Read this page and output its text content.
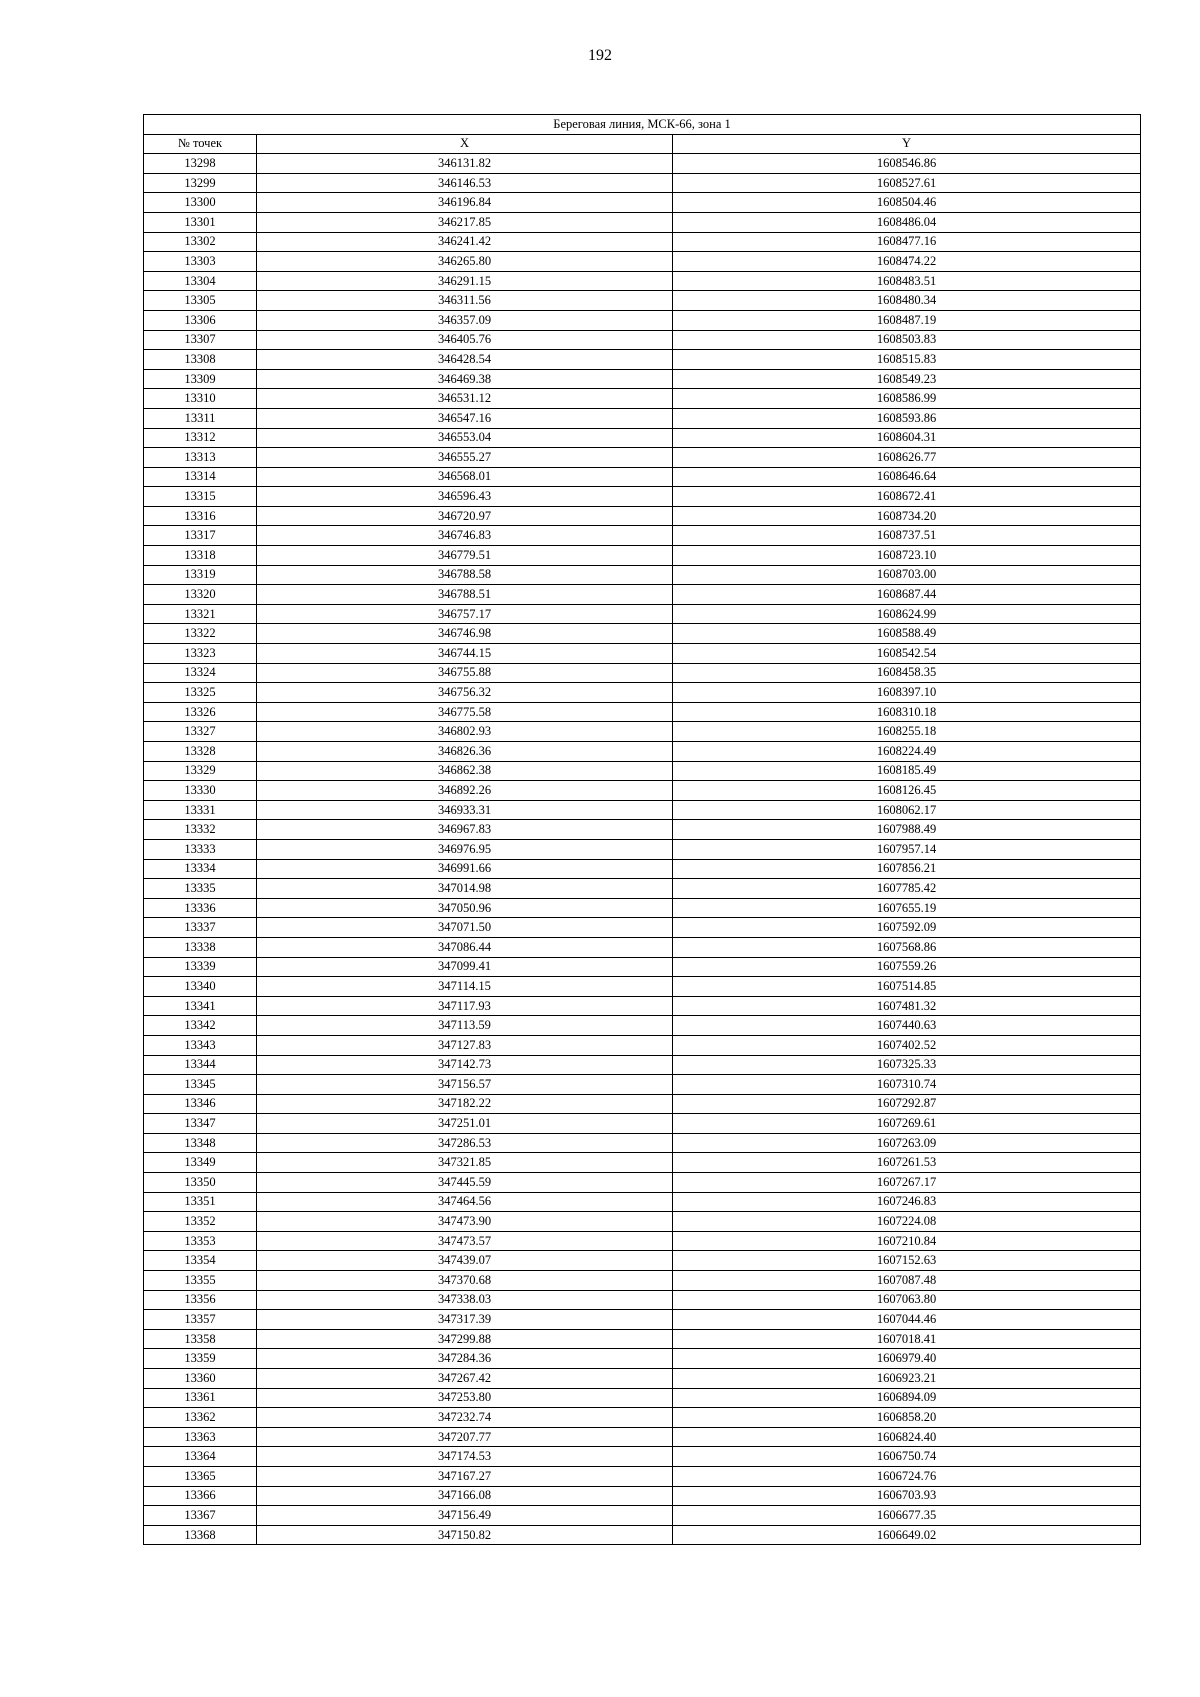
192
Береговая линия, МСК-66, зона 1		
№ точек	X	Y
13298	346131.82	1608546.86
13299	346146.53	1608527.61
13300	346196.84	1608504.46
13301	346217.85	1608486.04
13302	346241.42	1608477.16
13303	346265.80	1608474.22
13304	346291.15	1608483.51
13305	346311.56	1608480.34
13306	346357.09	1608487.19
13307	346405.76	1608503.83
13308	346428.54	1608515.83
13309	346469.38	1608549.23
13310	346531.12	1608586.99
13311	346547.16	1608593.86
13312	346553.04	1608604.31
13313	346555.27	1608626.77
13314	346568.01	1608646.64
13315	346596.43	1608672.41
13316	346720.97	1608734.20
13317	346746.83	1608737.51
13318	346779.51	1608723.10
13319	346788.58	1608703.00
13320	346788.51	1608687.44
13321	346757.17	1608624.99
13322	346746.98	1608588.49
13323	346744.15	1608542.54
13324	346755.88	1608458.35
13325	346756.32	1608397.10
13326	346775.58	1608310.18
13327	346802.93	1608255.18
13328	346826.36	1608224.49
13329	346862.38	1608185.49
13330	346892.26	1608126.45
13331	346933.31	1608062.17
13332	346967.83	1607988.49
13333	346976.95	1607957.14
13334	346991.66	1607856.21
13335	347014.98	1607785.42
13336	347050.96	1607655.19
13337	347071.50	1607592.09
13338	347086.44	1607568.86
13339	347099.41	1607559.26
13340	347114.15	1607514.85
13341	347117.93	1607481.32
13342	347113.59	1607440.63
13343	347127.83	1607402.52
13344	347142.73	1607325.33
13345	347156.57	1607310.74
13346	347182.22	1607292.87
13347	347251.01	1607269.61
13348	347286.53	1607263.09
13349	347321.85	1607261.53
13350	347445.59	1607267.17
13351	347464.56	1607246.83
13352	347473.90	1607224.08
13353	347473.57	1607210.84
13354	347439.07	1607152.63
13355	347370.68	1607087.48
13356	347338.03	1607063.80
13357	347317.39	1607044.46
13358	347299.88	1607018.41
13359	347284.36	1606979.40
13360	347267.42	1606923.21
13361	347253.80	1606894.09
13362	347232.74	1606858.20
13363	347207.77	1606824.40
13364	347174.53	1606750.74
13365	347167.27	1606724.76
13366	347166.08	1606703.93
13367	347156.49	1606677.35
13368	347150.82	1606649.02
